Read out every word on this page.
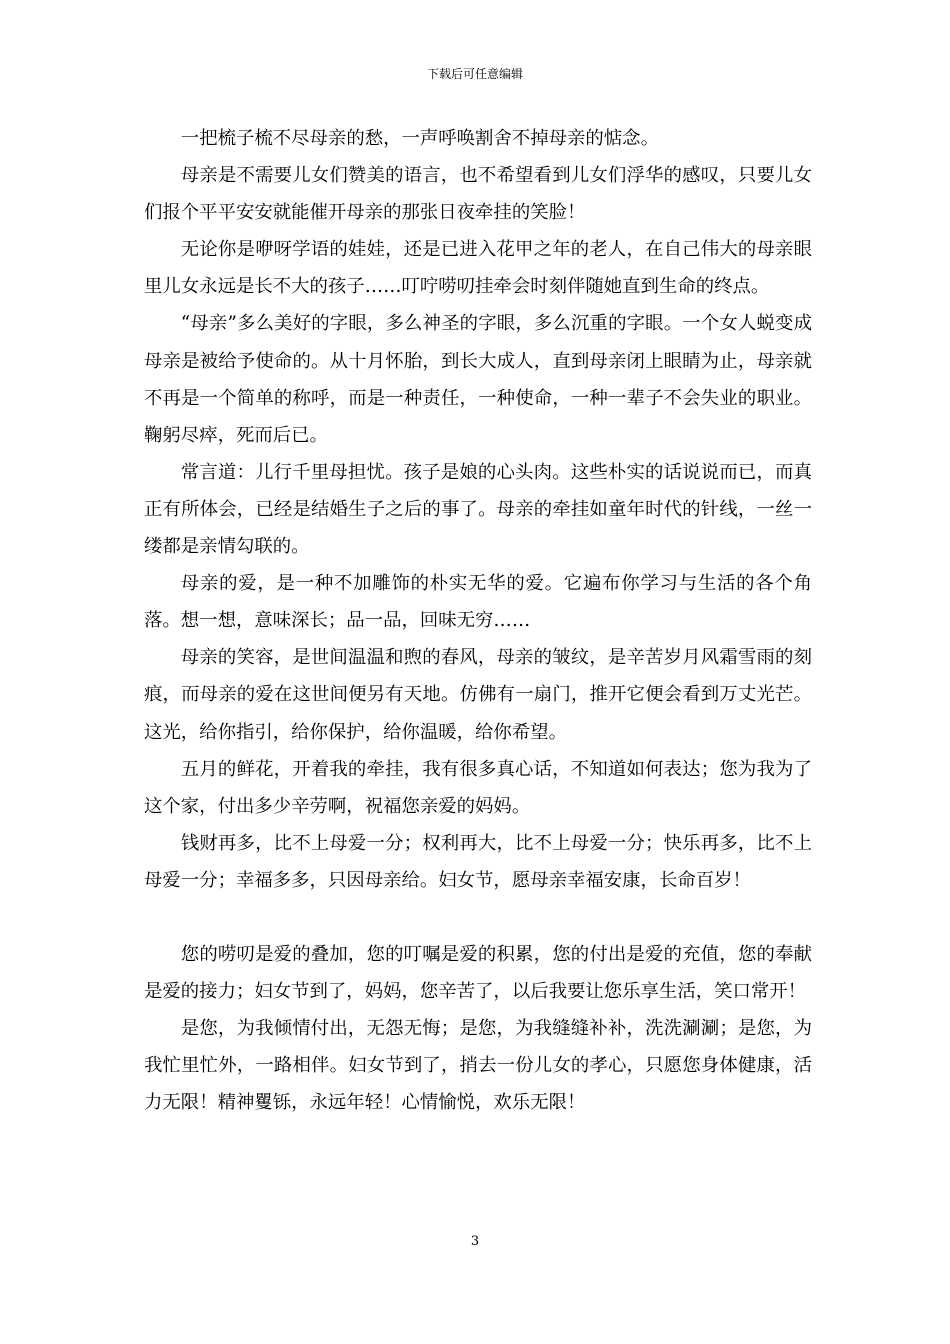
下载后可任意编辑

一把梳子梳不尽母亲的愁，一声呼唤割舍不掉母亲的惦念。

母亲是不需要儿女们赞美的语言，也不希望看到儿女们浮华的感叹，只要儿女们报个平平安安就能催开母亲的那张日夜牵挂的笑脸！

无论你是咿呀学语的娃娃，还是已进入花甲之年的老人，在自己伟大的母亲眼里儿女永远是长不大的孩子……叮咛唠叨挂牵会时刻伴随她直到生命的终点。

“母亲”多么美好的字眼，多么神圣的字眼，多么沉重的字眼。一个女人蜕变成母亲是被给予使命的。从十月怀胎，到长大成人，直到母亲闭上眼睛为止，母亲就不再是一个简单的称呼，而是一种责任，一种使命，一种一辈子不会失业的职业。鞠躬尽瘁，死而后已。

常言道：儿行千里母担忧。孩子是娘的心头肉。这些朴实的话说说而已，而真正有所体会，已经是结婚生子之后的事了。母亲的牵挂如童年时代的针线，一丝一缕都是亲情勾联的。

母亲的爱，是一种不加雕饰的朴实无华的爱。它遍布你学习与生活的各个角落。想一想，意味深长；品一品，回味无穷……

母亲的笑容，是世间温温和煦的春风，母亲的皱纹，是辛苦岁月风霜雪雨的刻痕，而母亲的爱在这世间便另有天地。仿佛有一扇门，推开它便会看到万丈光芒。这光，给你指引，给你保护，给你温暖，给你希望。

五月的鲜花，开着我的牵挂，我有很多真心话，不知道如何表达；您为我为了这个家，付出多少辛劳啊，祝福您亲爱的妈妈。

钱财再多，比不上母爱一分；权利再大，比不上母爱一分；快乐再多，比不上母爱一分；幸福多多，只因母亲给。妇女节，愿母亲幸福安康，长命百岁！

您的唠叨是爱的叠加，您的叮嘱是爱的积累，您的付出是爱的充值，您的奉献是爱的接力；妇女节到了，妈妈，您辛苦了，以后我要让您乐享生活，笑口常开！

是您，为我倾情付出，无怨无悔；是您，为我缝缝补补，洗洗涮涮；是您，为我忙里忙外，一路相伴。妇女节到了，捎去一份儿女的孝心，只愿您身体健康，活力无限！精神矍铄，永远年轻！心情愉悦，欢乐无限！

3
